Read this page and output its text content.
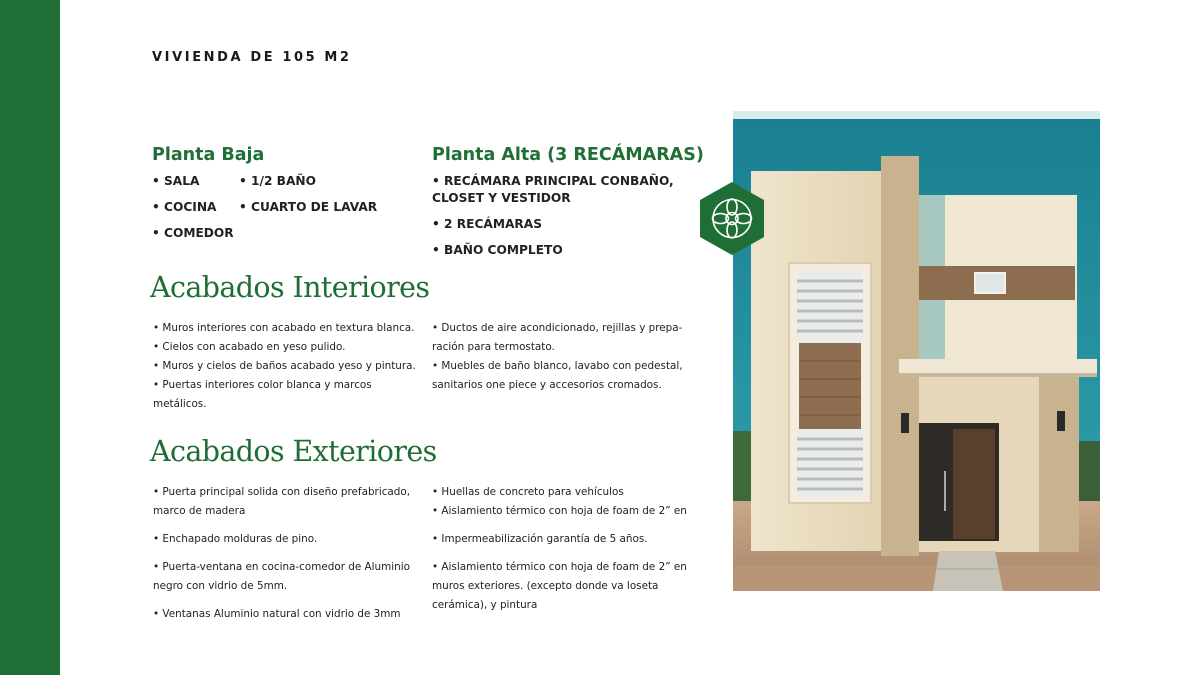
VIVIENDA DE 105 M2
Planta Baja
• SALA
• COCINA
• COMEDOR
• 1/2 BAÑO
• CUARTO DE LAVAR
Planta Alta (3 RECÁMARAS)
• RECÁMARA PRINCIPAL CONBAÑO,
CLOSET Y VESTIDOR
• 2 RECÁMARAS
• BAÑO COMPLETO
Acabados Interiores
• Muros interiores con acabado en textura blanca.
• Cielos con acabado en yeso pulido.
• Muros y cielos de baños acabado yeso y pintura.
• Puertas interiores color blanca y marcos
metálicos.
• Ductos de aire acondicionado, rejillas y prepa-
ración para termostato.
• Muebles de baño blanco, lavabo con pedestal,
sanitarios one piece y accesorios cromados.
Acabados Exteriores
• Puerta principal solida con diseño prefabricado,
marco de madera
• Enchapado molduras de pino.
• Puerta-ventana en cocina-comedor de Aluminio
negro con vidrio de 5mm.
• Ventanas Aluminio natural con vidrio de 3mm
• Huellas de concreto para vehículos
• Aislamiento térmico con hoja de foam de 2” en
• Impermeabilización garantía de 5 años.
• Aislamiento térmico con hoja de foam de 2” en
muros exteriores. (excepto donde va loseta
cerámica), y pintura
